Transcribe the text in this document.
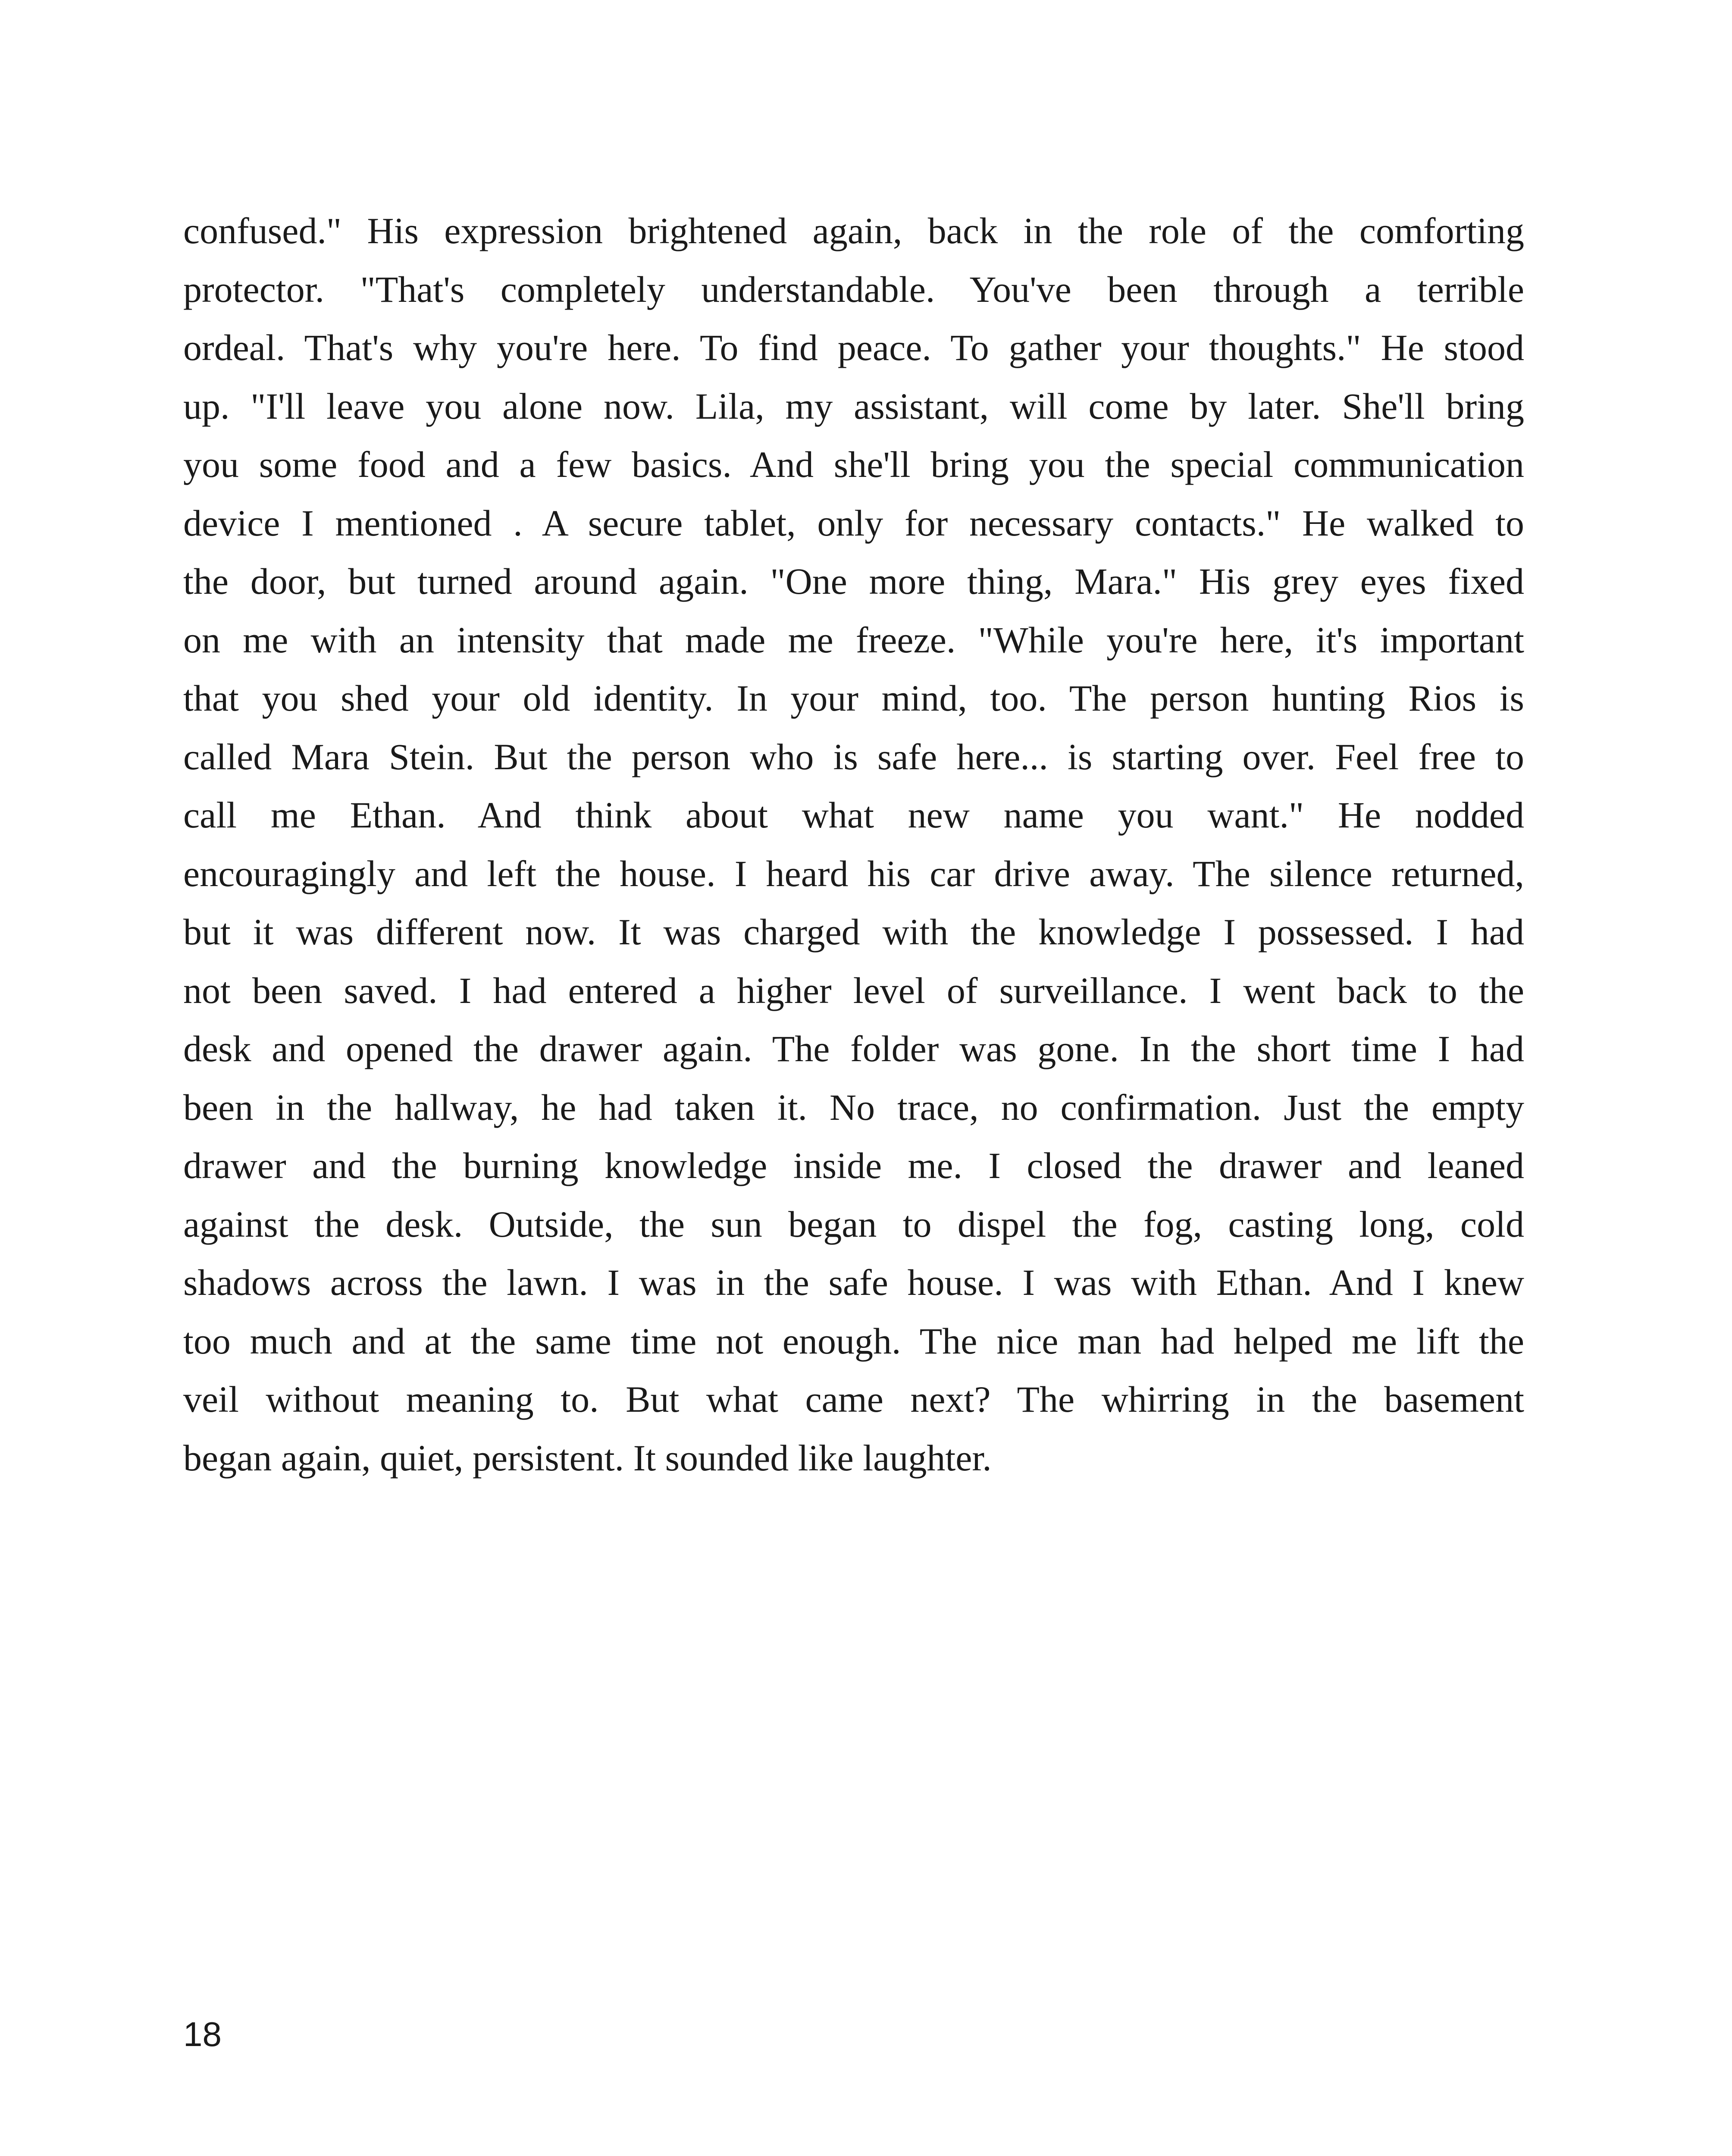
confused." His expression brightened again, back in the role of the comforting
protector. "That's completely understandable. You've been through a terrible
ordeal. That's why you're here. To find peace. To gather your thoughts." He stood
up. "I'll leave you alone now. Lila, my assistant, will come by later. She'll bring
you some food and a few basics. And she'll bring you the special communication
device I mentioned . A secure tablet, only for necessary contacts." He walked to
the door, but turned around again. "One more thing, Mara." His grey eyes fixed
on me with an intensity that made me freeze. "While you're here, it's important
that you shed your old identity. In your mind, too. The person hunting Rios is
called Mara Stein. But the person who is safe here... is starting over. Feel free to
call me Ethan. And think about what new name you want." He nodded
encouragingly and left the house. I heard his car drive away. The silence returned,
but it was different now. It was charged with the knowledge I possessed. I had
not been saved. I had entered a higher level of surveillance. I went back to the
desk and opened the drawer again. The folder was gone. In the short time I had
been in the hallway, he had taken it. No trace, no confirmation. Just the empty
drawer and the burning knowledge inside me. I closed the drawer and leaned
against the desk. Outside, the sun began to dispel the fog, casting long, cold
shadows across the lawn. I was in the safe house. I was with Ethan. And I knew
too much and at the same time not enough. The nice man had helped me lift the
veil without meaning to. But what came next? The whirring in the basement
began again, quiet, persistent. It sounded like laughter.
18
